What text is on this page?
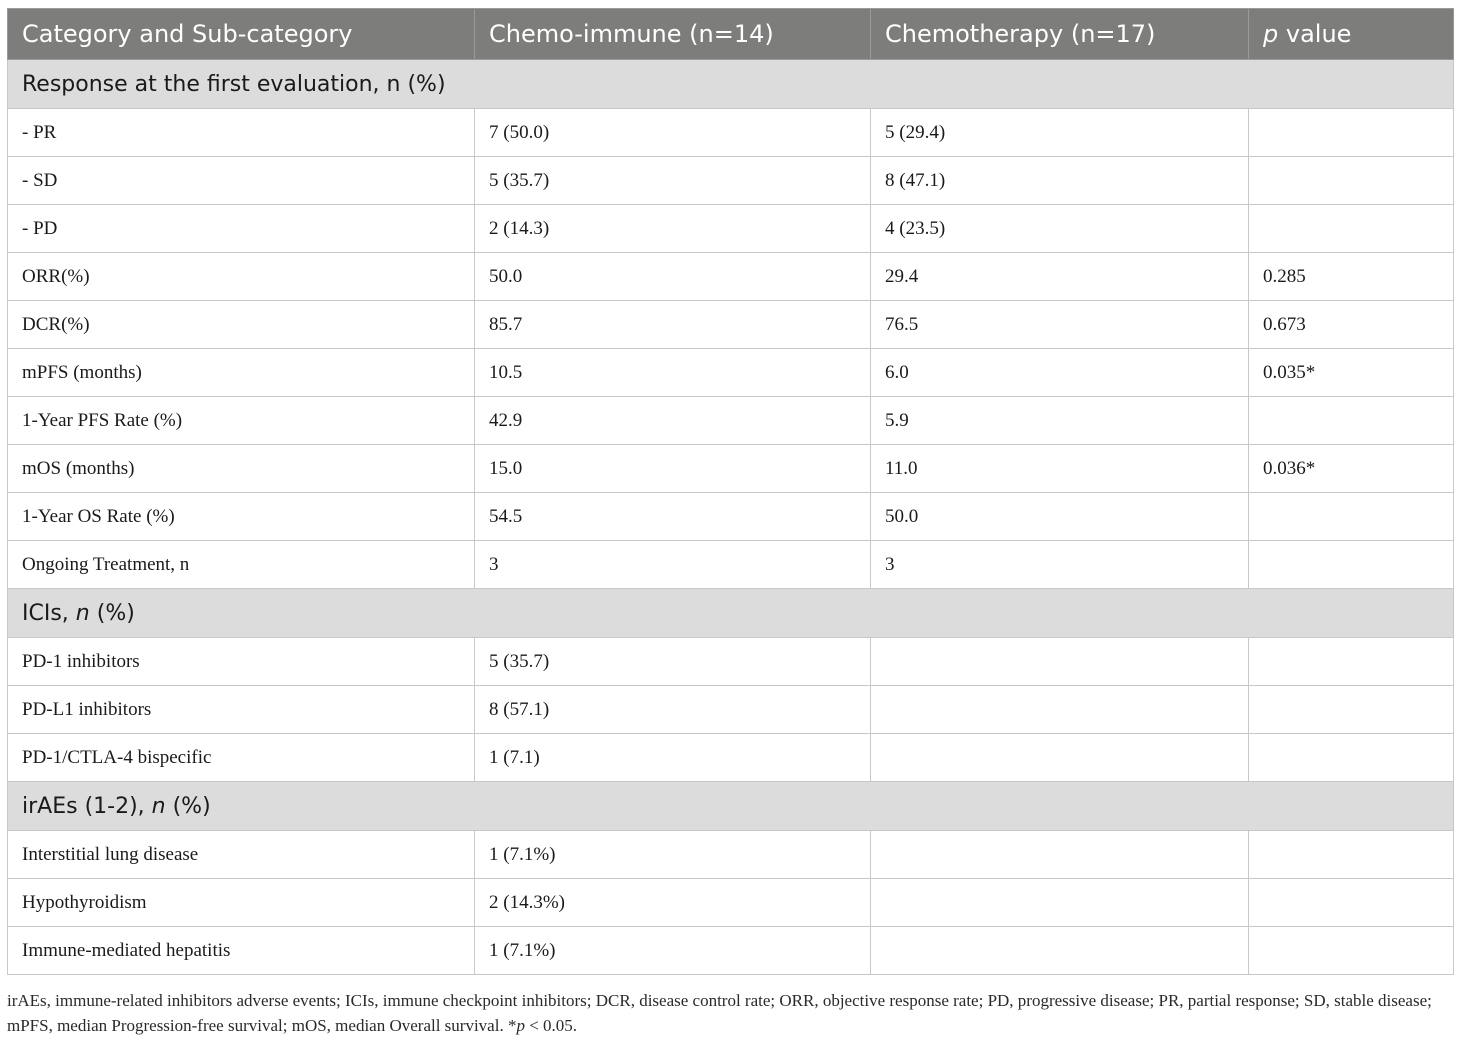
Category and Sub-category	Chemo-immune (n=14)	Chemotherapy (n=17)	p value
Response at the first evaluation, n (%)			
- PR	7 (50.0)	5 (29.4)	
- SD	5 (35.7)	8 (47.1)	
- PD	2 (14.3)	4 (23.5)	
ORR(%)	50.0	29.4	0.285
DCR(%)	85.7	76.5	0.673
mPFS (months)	10.5	6.0	0.035*
1-Year PFS Rate (%)	42.9	5.9	
mOS (months)	15.0	11.0	0.036*
1-Year OS Rate (%)	54.5	50.0	
Ongoing Treatment, n	3	3	
ICIs, n (%)			
PD-1 inhibitors	5 (35.7)		
PD-L1 inhibitors	8 (57.1)		
PD-1/CTLA-4 bispecific	1 (7.1)		
irAEs (1-2), n (%)			
Interstitial lung disease	1 (7.1%)		
Hypothyroidism	2 (14.3%)		
Immune-mediated hepatitis	1 (7.1%)		
irAEs, immune-related inhibitors adverse events; ICIs, immune checkpoint inhibitors; DCR, disease control rate; ORR, objective response rate; PD, progressive disease; PR, partial response; SD, stable disease; mPFS, median Progression-free survival; mOS, median Overall survival. *p < 0.05.
